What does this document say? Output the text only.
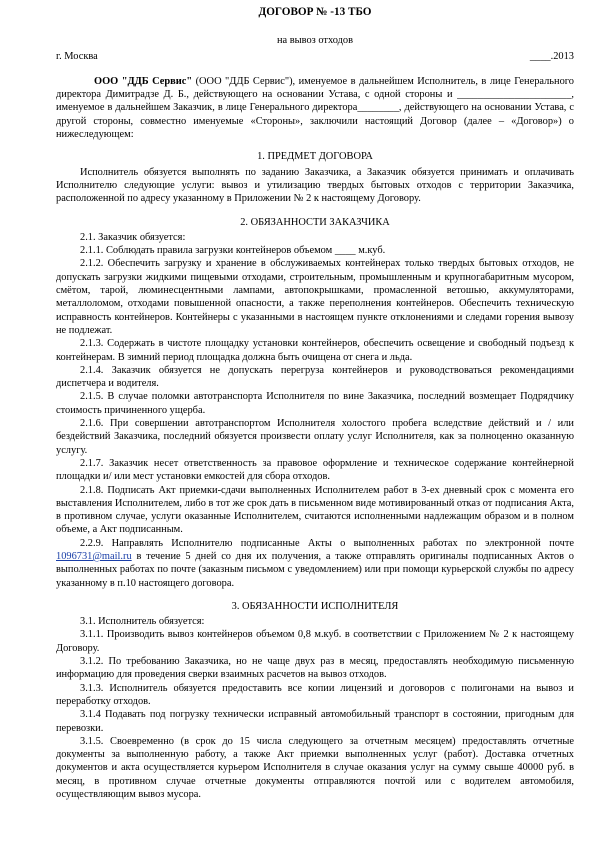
ДОГОВОР № -13 ТБО
на вывоз отходов
г. Москва	____.2013

ООО "ДДБ Сервис" (ООО "ДДБ Сервис"), именуемое в дальнейшем Исполнитель, в лице Генерального директора Димитрадзе Д. Б., действующего на основании Устава, с одной стороны и ______________________, именуемое в дальнейшем Заказчик, в лице Генерального директора________, действующего на основании Устава, с другой стороны, совместно именуемые «Стороны», заключили настоящий Договор (далее – «Договор») о нижеследующем:

1. ПРЕДМЕТ ДОГОВОРА

Исполнитель обязуется выполнять по заданию Заказчика, а Заказчик обязуется принимать и оплачивать Исполнителю следующие услуги: вывоз и утилизацию твердых бытовых отходов с территории Заказчика, расположенной по адресу указанному в Приложении № 2 к настоящему Договору.

2. ОБЯЗАННОСТИ ЗАКАЗЧИКА

2.1. Заказчик обязуется:

2.1.1. Соблюдать правила загрузки контейнеров объемом ____ м.куб.

2.1.2. Обеспечить загрузку и хранение в обслуживаемых контейнерах только твердых бытовых отходов, не допускать загрузки жидкими пищевыми отходами, строительным, промышленным и крупногабаритным мусором, смётом, тарой, люминесцентными лампами, автопокрышками, промасленной ветошью, аккумуляторами, металлоломом, отходами повышенной опасности, а также переполнения контейнеров. Обеспечить техническую исправность контейнеров. Контейнеры с указанными в настоящем пункте отклонениями и следами горения вывозу не подлежат.

2.1.3. Содержать в чистоте площадку установки контейнеров, обеспечить освещение и свободный подъезд к контейнерам. В зимний период площадка должна быть очищена от снега и льда.

2.1.4. Заказчик обязуется не допускать перегруза контейнеров и руководствоваться рекомендациями диспетчера и водителя.

2.1.5. В случае поломки автотранспорта Исполнителя по вине Заказчика, последний возмещает Подрядчику стоимость причиненного ущерба.

2.1.6. При совершении автотранспортом Исполнителя холостого пробега вследствие действий и / или бездействий Заказчика, последний обязуется произвести оплату услуг Исполнителя, как за полноценно оказанную услугу.

2.1.7. Заказчик несет ответственность за правовое оформление и техническое содержание контейнерной площадки и/ или мест установки емкостей для сбора отходов.

2.1.8. Подписать Акт приемки-сдачи выполненных Исполнителем работ в 3-ех дневный срок с момента его выставления Исполнителем, либо в тот же срок дать в письменном виде мотивированный отказ от подписания Акта, в противном случае, услуги оказанные Исполнителем, считаются исполненными надлежащим образом и в полном объеме, а Акт подписанным.

2.2.9. Направлять Исполнителю подписанные Акты о выполненных работах по электронной почте 1096731@mail.ru в течение 5 дней со дня их получения, а также отправлять оригиналы подписанных Актов о выполненных работах по почте (заказным письмом с уведомлением) или при помощи курьерской службы по адресу указанному в п.10 настоящего договора.

3. ОБЯЗАННОСТИ ИСПОЛНИТЕЛЯ

3.1. Исполнитель обязуется:

3.1.1. Производить вывоз контейнеров объемом 0,8 м.куб. в соответствии с Приложением № 2 к настоящему Договору.

3.1.2. По требованию Заказчика, но не чаще двух раз в месяц, предоставлять необходимую письменную информацию для проведения сверки взаимных расчетов на вывоз отходов.

3.1.3. Исполнитель обязуется предоставить все копии лицензий и договоров с полигонами на вывоз и переработку отходов.

3.1.4 Подавать под погрузку технически исправный автомобильный транспорт в состоянии, пригодным для перевозки.

3.1.5. Своевременно (в срок до 15 числа следующего за отчетным месяцем) предоставлять отчетные документы за выполненную работу, а также Акт приемки выполненных услуг (работ). Доставка отчетных документов и акта осуществляется курьером Исполнителя в случае оказания услуг на сумму свыше 40000 руб. в месяц, в противном случае отчетные документы отправляются почтой или с водителем автомобиля, осуществляющим вывоз мусора.
